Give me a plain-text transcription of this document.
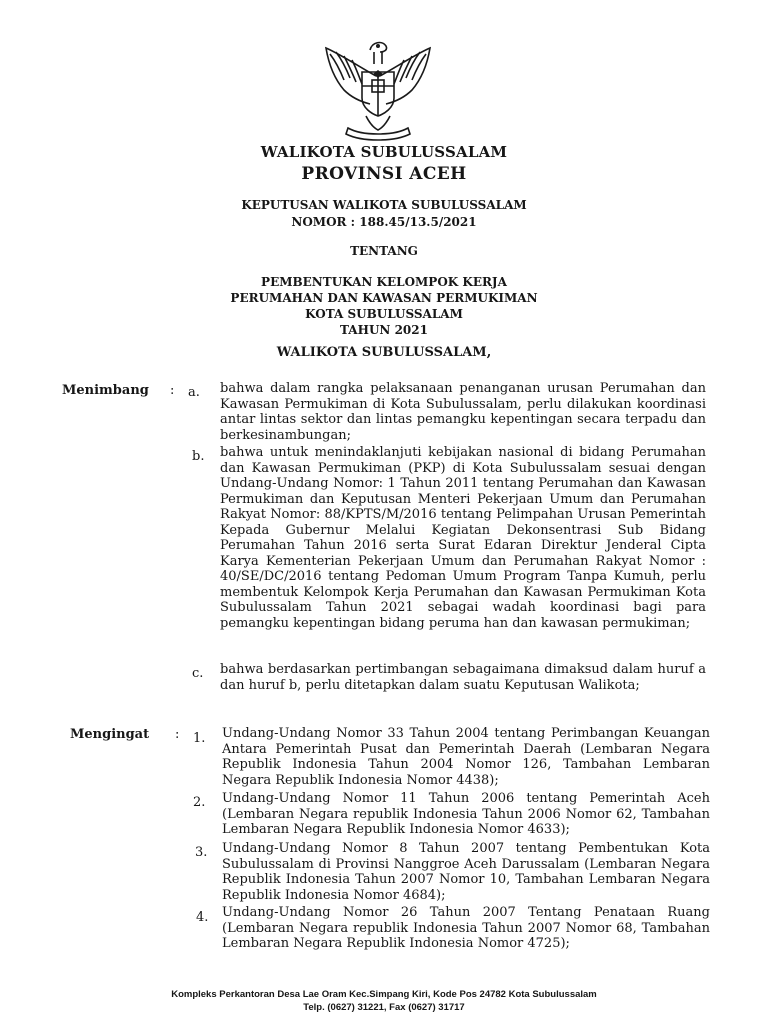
WALIKOTA SUBULUSSALAM
PROVINSI ACEH
KEPUTUSAN WALIKOTA SUBULUSSALAM
NOMOR : 188.45/13.5/2021
TENTANG
PEMBENTUKAN KELOMPOK KERJA
PERUMAHAN DAN KAWASAN PERMUKIMAN
KOTA SUBULUSSALAM
TAHUN 2021
WALIKOTA SUBULUSSALAM,
Menimbang : a. bahwa dalam rangka pelaksanaan penanganan urusan Perumahan dan Kawasan Permukiman di Kota Subulussalam, perlu dilakukan koordinasi antar lintas sektor dan lintas pemangku kepentingan secara terpadu dan berkesinambungan;
b. bahwa untuk menindaklanjuti kebijakan nasional di bidang Perumahan dan Kawasan Permukiman (PKP) di Kota Subulussalam sesuai dengan Undang-Undang Nomor: 1 Tahun 2011 tentang Perumahan dan Kawasan Permukiman dan Keputusan Menteri Pekerjaan Umum dan Perumahan Rakyat Nomor: 88/KPTS/M/2016 tentang Pelimpahan Urusan Pemerintah Kepada Gubernur Melalui Kegiatan Dekonsentrasi Sub Bidang Perumahan Tahun 2016 serta Surat Edaran Direktur Jenderal Cipta Karya Kementerian Pekerjaan Umum dan Perumahan Rakyat Nomor : 40/SE/DC/2016 tentang Pedoman Umum Program Tanpa Kumuh, perlu membentuk Kelompok Kerja Perumahan dan Kawasan Permukiman Kota Subulussalam Tahun 2021 sebagai wadah koordinasi bagi para pemangku kepentingan bidang peruma han dan kawasan permukiman;
c. bahwa berdasarkan pertimbangan sebagaimana dimaksud dalam huruf a dan huruf b, perlu ditetapkan dalam suatu Keputusan Walikota;
Mengingat : 1. Undang-Undang Nomor 33 Tahun 2004 tentang Perimbangan Keuangan Antara Pemerintah Pusat dan Pemerintah Daerah (Lembaran Negara Republik Indonesia Tahun 2004 Nomor 126, Tambahan Lembaran Negara Republik Indonesia Nomor 4438);
2. Undang-Undang Nomor 11 Tahun 2006 tentang Pemerintah Aceh (Lembaran Negara republik Indonesia Tahun 2006 Nomor 62, Tambahan Lembaran Negara Republik Indonesia Nomor 4633);
3. Undang-Undang Nomor 8 Tahun 2007 tentang Pembentukan Kota Subulussalam di Provinsi Nanggroe Aceh Darussalam (Lembaran Negara Republik Indonesia Tahun 2007 Nomor 10, Tambahan Lembaran Negara Republik Indonesia Nomor 4684);
4. Undang-Undang Nomor 26 Tahun 2007 Tentang Penataan Ruang (Lembaran Negara republik Indonesia Tahun 2007 Nomor 68, Tambahan Lembaran Negara Republik Indonesia Nomor 4725);
Kompleks Perkantoran Desa Lae Oram Kec.Simpang Kiri, Kode Pos 24782 Kota Subulussalam
Telp. (0627) 31221, Fax (0627) 31717
